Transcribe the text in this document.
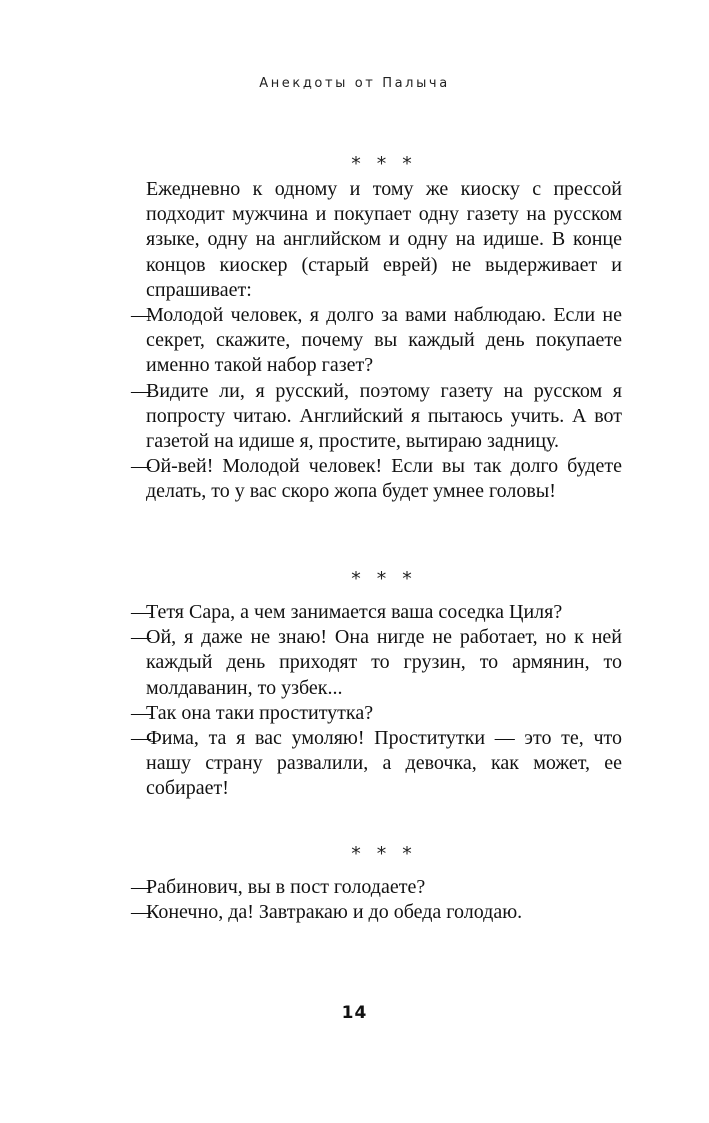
Анекдоты от Палыча
* * *

Ежедневно к одному и тому же киоску с прессой подходит мужчина и покупает одну газету на русском языке, одну на английском и одну на идише. В конце концов киоскер (старый еврей) не выдерживает и спрашивает:

—
Молодой человек, я долго за вами наблюдаю. Если не секрет, скажите, почему вы каждый день покупаете именно такой набор газет?

—
Видите ли, я русский, поэтому газету на русском я попросту читаю. Английский я пытаюсь учить. А вот газетой на идише я, простите, вытираю задницу.

—
Ой-вей! Молодой человек! Если вы так долго будете делать, то у вас скоро жопа будет умнее головы!

* * *

—
Тетя Сара, а чем занимается ваша соседка Циля?

—
Ой, я даже не знаю! Она нигде не работает, но к ней каждый день приходят то грузин, то армянин, то молдаванин, то узбек...

—
Так она таки проститутка?

—
Фима, та я вас умоляю! Проститутки — это те, что нашу страну развалили, а девочка, как может, ее собирает!

* * *

—
Рабинович, вы в пост голодаете?

—
Конечно, да! Завтракаю и до обеда голодаю.

14
